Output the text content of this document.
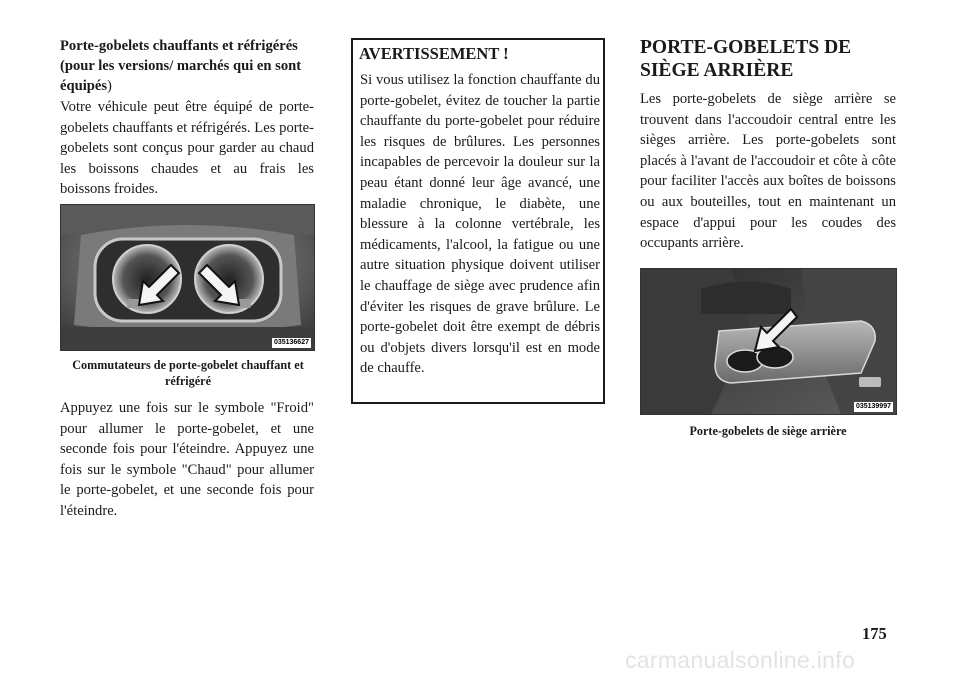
Porte-gobelets chauffants et réfrigérés (pour les versions/ marchés qui en sont équipés)

Votre véhicule peut être équipé de porte-gobelets chauffants et réfrigérés. Les porte-gobelets sont conçus pour garder au chaud les boissons chaudes et au frais les boissons froides.

035136627

Commutateurs de porte-gobelet chauffant et réfrigéré

Appuyez une fois sur le symbole "Froid" pour allumer le porte-gobelet, et une seconde fois pour l'éteindre. Appuyez une fois sur le symbole "Chaud" pour allumer le porte-gobelet, et une seconde fois pour l'éteindre.

AVERTISSEMENT !

Si vous utilisez la fonction chauffante du porte-gobelet, évitez de toucher la partie chauffante du porte-gobelet pour réduire les risques de brûlures. Les personnes incapables de percevoir la douleur sur la peau étant donné leur âge avancé, une maladie chronique, le diabète, une blessure à la colonne vertébrale, les médicaments, l'alcool, la fatigue ou une autre situation physique doivent utiliser le chauffage de siège avec prudence afin d'éviter les risques de grave brûlure. Le porte-gobelet doit être exempt de débris ou d'objets divers lorsqu'il est en mode de chauffe.

PORTE-GOBELETS DE SIÈGE ARRIÈRE

Les porte-gobelets de siège arrière se trouvent dans l'accoudoir central entre les sièges arrière. Les porte-gobelets sont placés à l'avant de l'accoudoir et côte à côte pour faciliter l'accès aux boîtes de boissons ou aux bouteilles, tout en maintenant un espace d'appui pour les coudes des occupants arrière.

035139997

Porte-gobelets de siège arrière

175
carmanualsonline.info
